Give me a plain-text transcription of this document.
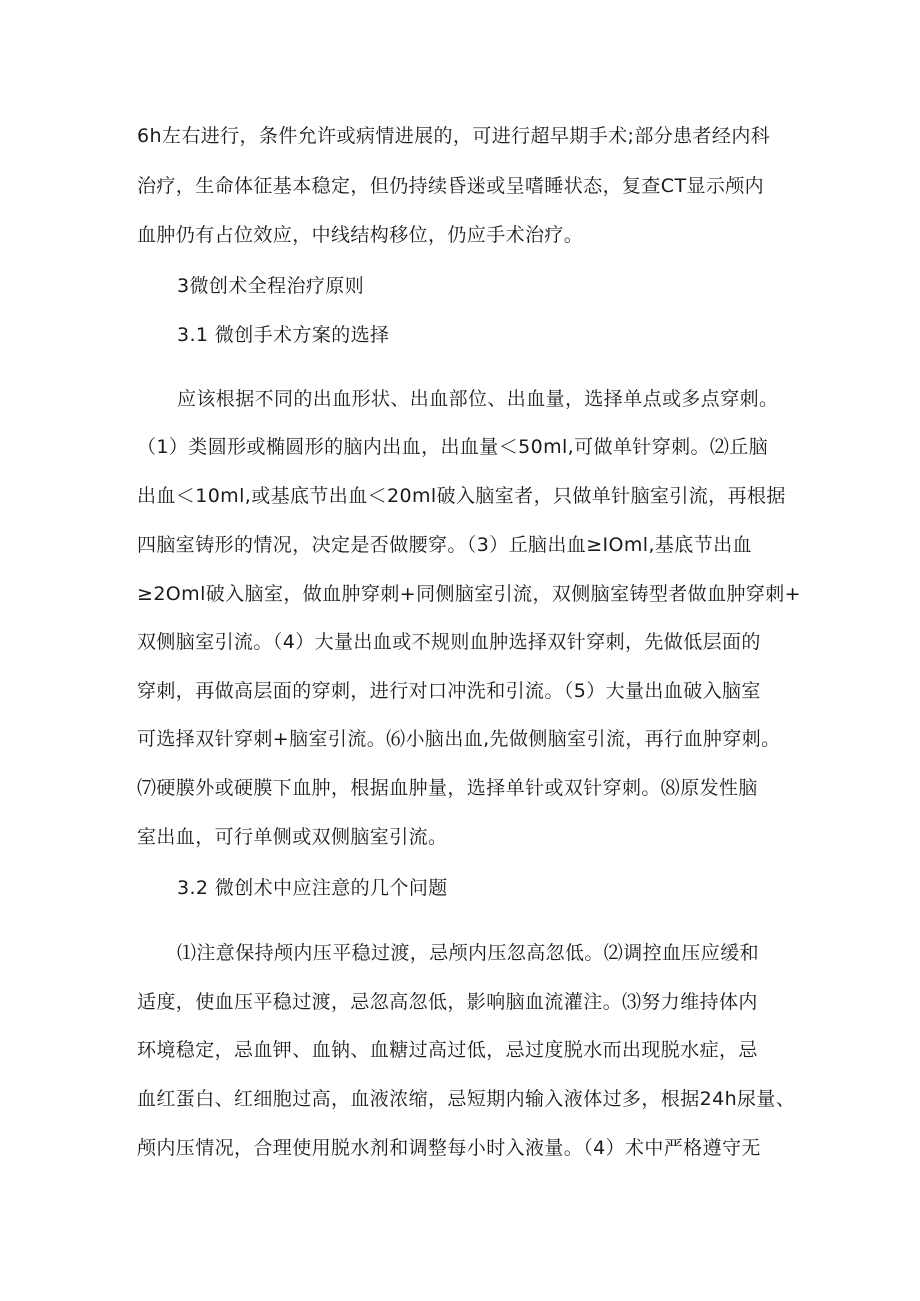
6h左右进行，条件允许或病情进展的，可进行超早期手术;部分患者经内科
治疗，生命体征基本稳定，但仍持续昏迷或呈嗜睡状态，复查CT显示颅内
血肿仍有占位效应，中线结构移位，仍应手术治疗。
3微创术全程治疗原则
3.1 微创手术方案的选择
应该根据不同的出血形状、出血部位、出血量，选择单点或多点穿刺。
（1）类圆形或椭圆形的脑内出血，出血量＜50ml,可做单针穿刺。⑵丘脑
出血＜10ml,或基底节出血＜20ml破入脑室者，只做单针脑室引流，再根据
四脑室铸形的情况，决定是否做腰穿。（3）丘脑出血≥IOml,基底节出血
≥2Oml破入脑室，做血肿穿刺+同侧脑室引流，双侧脑室铸型者做血肿穿刺+
双侧脑室引流。（4）大量出血或不规则血肿选择双针穿刺，先做低层面的
穿刺，再做高层面的穿刺，进行对口冲洗和引流。（5）大量出血破入脑室
可选择双针穿刺+脑室引流。⑹小脑出血,先做侧脑室引流，再行血肿穿刺。
⑺硬膜外或硬膜下血肿，根据血肿量，选择单针或双针穿刺。⑻原发性脑
室出血，可行单侧或双侧脑室引流。
3.2 微创术中应注意的几个问题
⑴注意保持颅内压平稳过渡，忌颅内压忽高忽低。⑵调控血压应缓和
适度，使血压平稳过渡，忌忽高忽低，影响脑血流灌注。⑶努力维持体内
环境稳定，忌血钾、血钠、血糖过高过低，忌过度脱水而出现脱水症，忌
血红蛋白、红细胞过高，血液浓缩，忌短期内输入液体过多，根据24h尿量、
颅内压情况，合理使用脱水剂和调整每小时入液量。（4）术中严格遵守无
